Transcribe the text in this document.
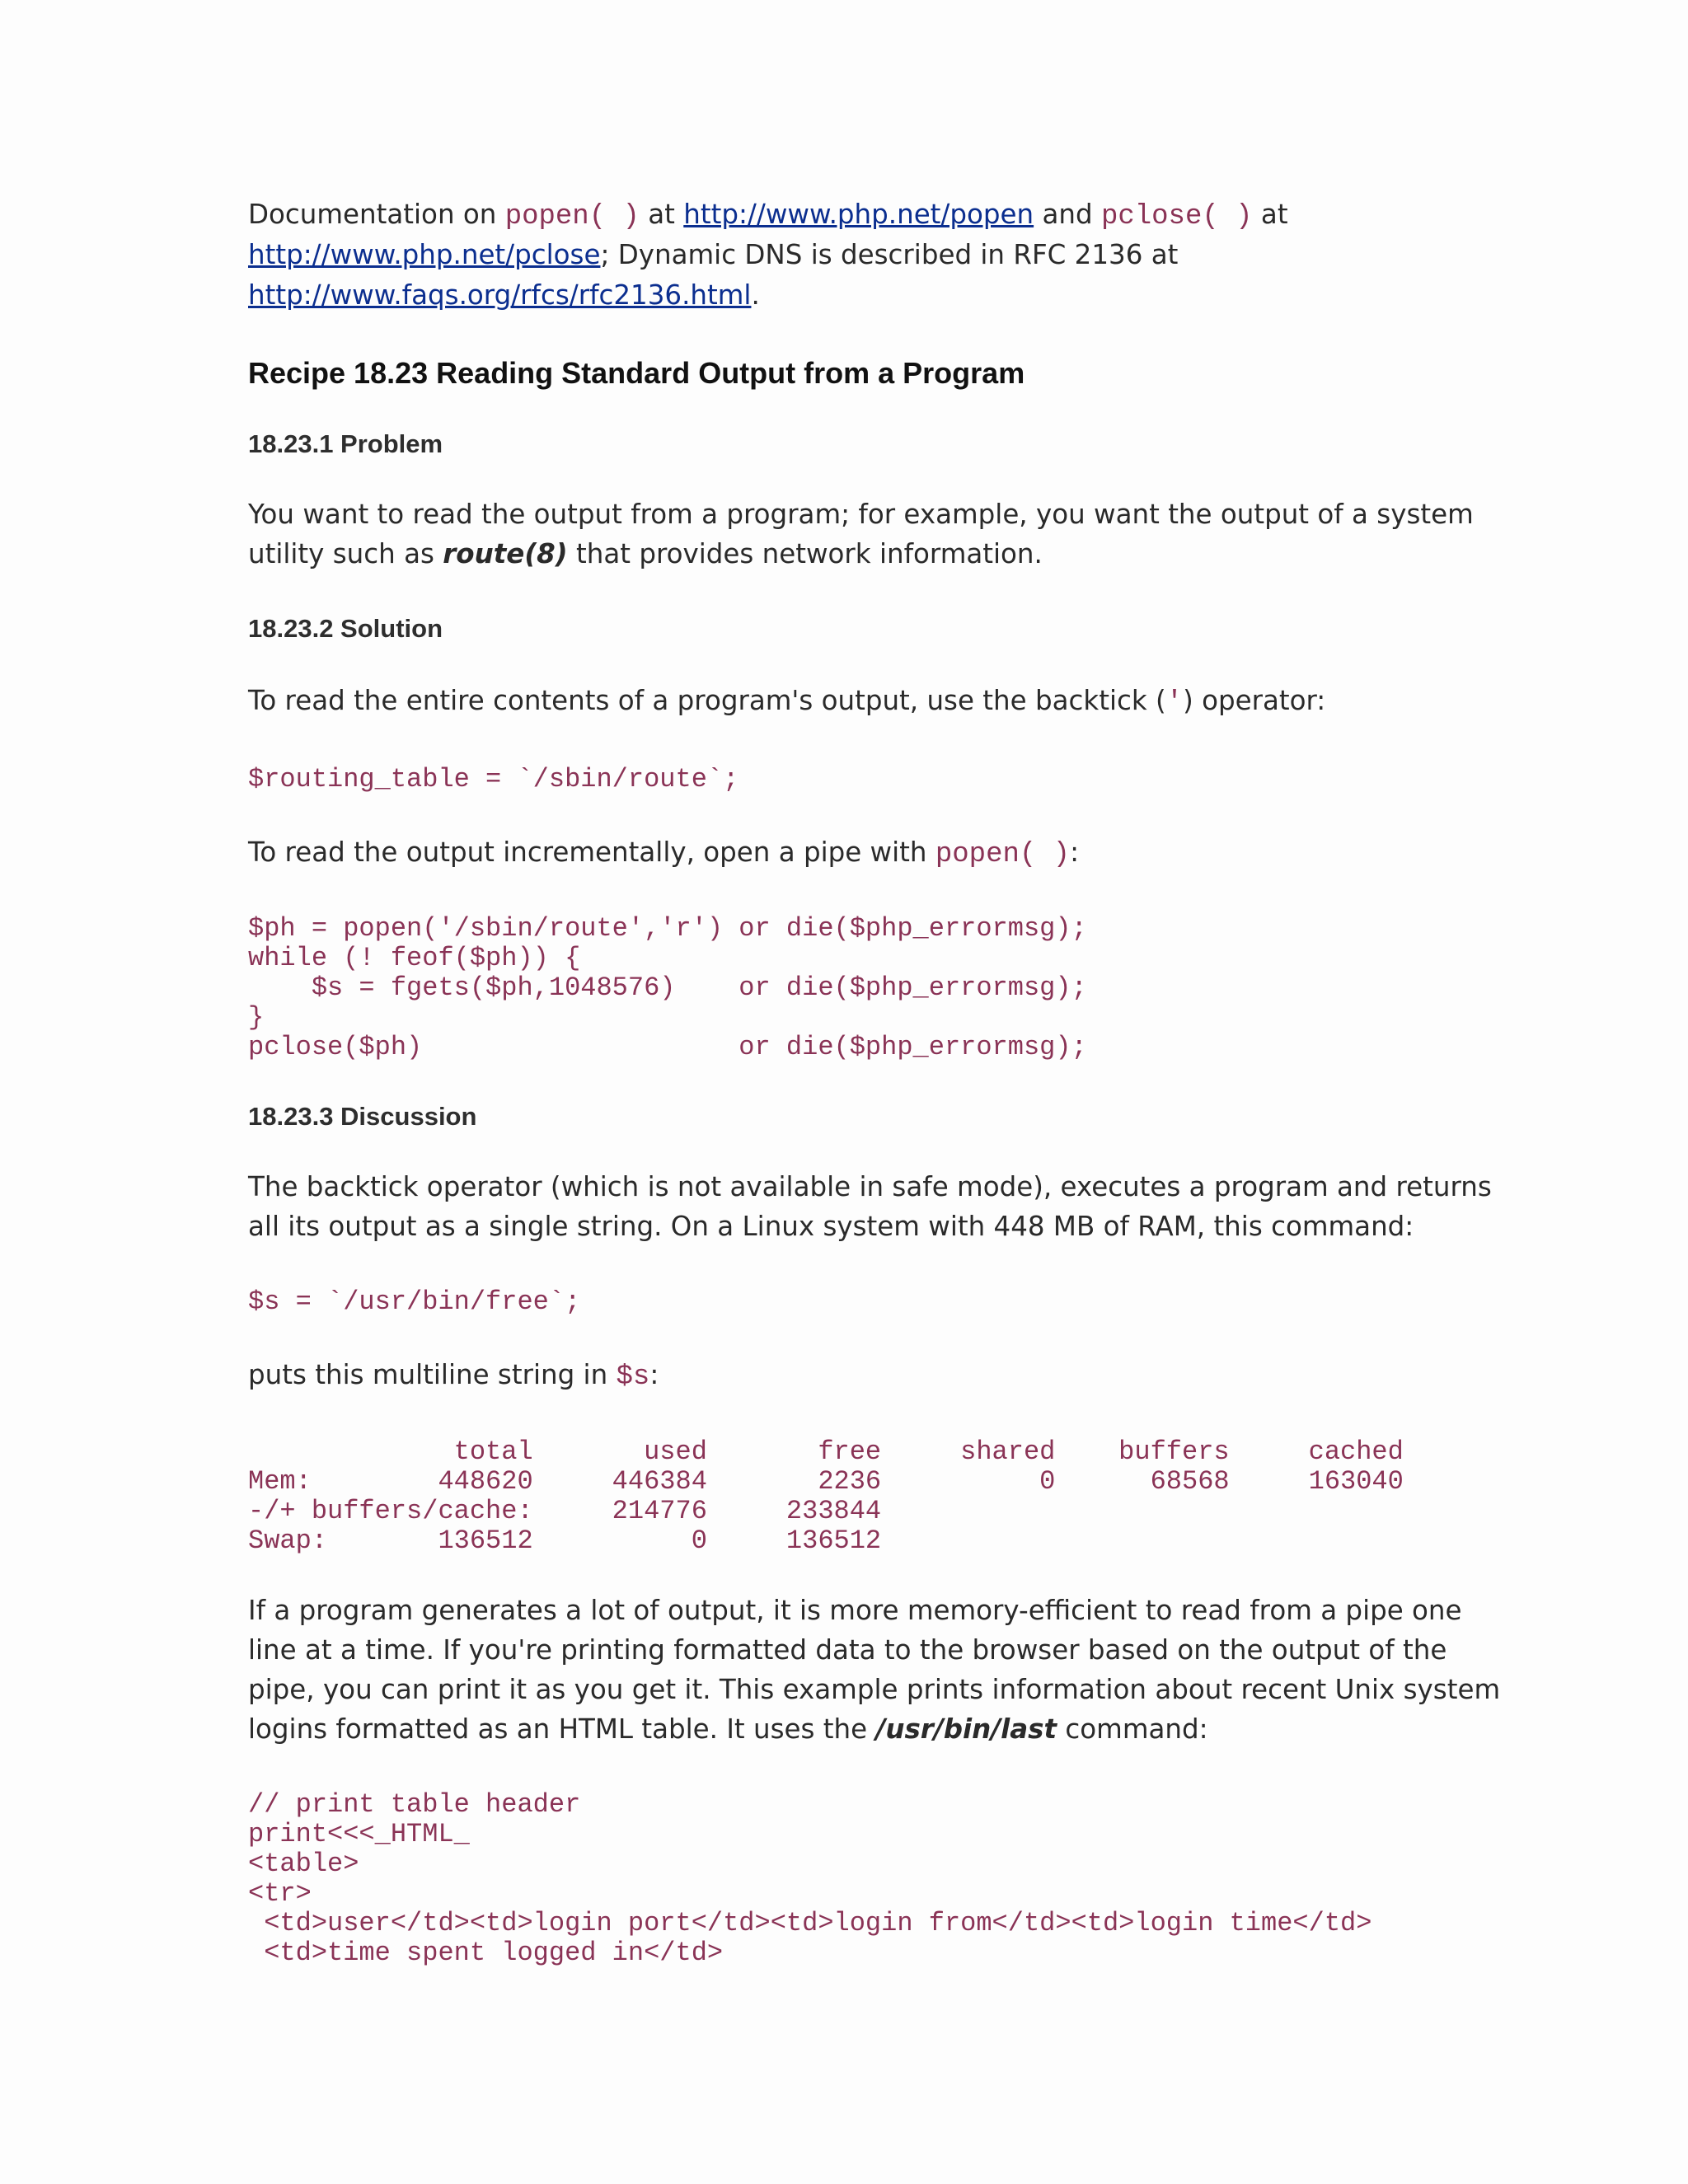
Documentation on popen( ) at http://www.php.net/popen and pclose( ) at
http://www.php.net/pclose; Dynamic DNS is described in RFC 2136 at
http://www.faqs.org/rfcs/rfc2136.html.
Recipe 18.23 Reading Standard Output from a Program
18.23.1 Problem
You want to read the output from a program; for example, you want the output of a system
utility such as route(8) that provides network information.
18.23.2 Solution
To read the entire contents of a program's output, use the backtick (') operator:
$routing_table = `/sbin/route`;
To read the output incrementally, open a pipe with popen( ):
$ph = popen('/sbin/route','r') or die($php_errormsg);
while (! feof($ph)) {
$s = fgets($ph,1048576)    or die($php_errormsg);
}
pclose($ph)                    or die($php_errormsg);
18.23.3 Discussion
The backtick operator (which is not available in safe mode), executes a program and returns
all its output as a single string. On a Linux system with 448 MB of RAM, this command:
$s = `/usr/bin/free`;
puts this multiline string in $s:
total       used       free     shared    buffers     cached
Mem:        448620     446384       2236          0      68568     163040
-/+ buffers/cache:     214776     233844
Swap:       136512          0     136512
If a program generates a lot of output, it is more memory-efficient to read from a pipe one
line at a time. If you're printing formatted data to the browser based on the output of the
pipe, you can print it as you get it. This example prints information about recent Unix system
logins formatted as an HTML table. It uses the /usr/bin/last command:
// print table header
print<<<_HTML_
<table>
<tr>
<td>user</td><td>login port</td><td>login from</td><td>login time</td>
<td>time spent logged in</td>
